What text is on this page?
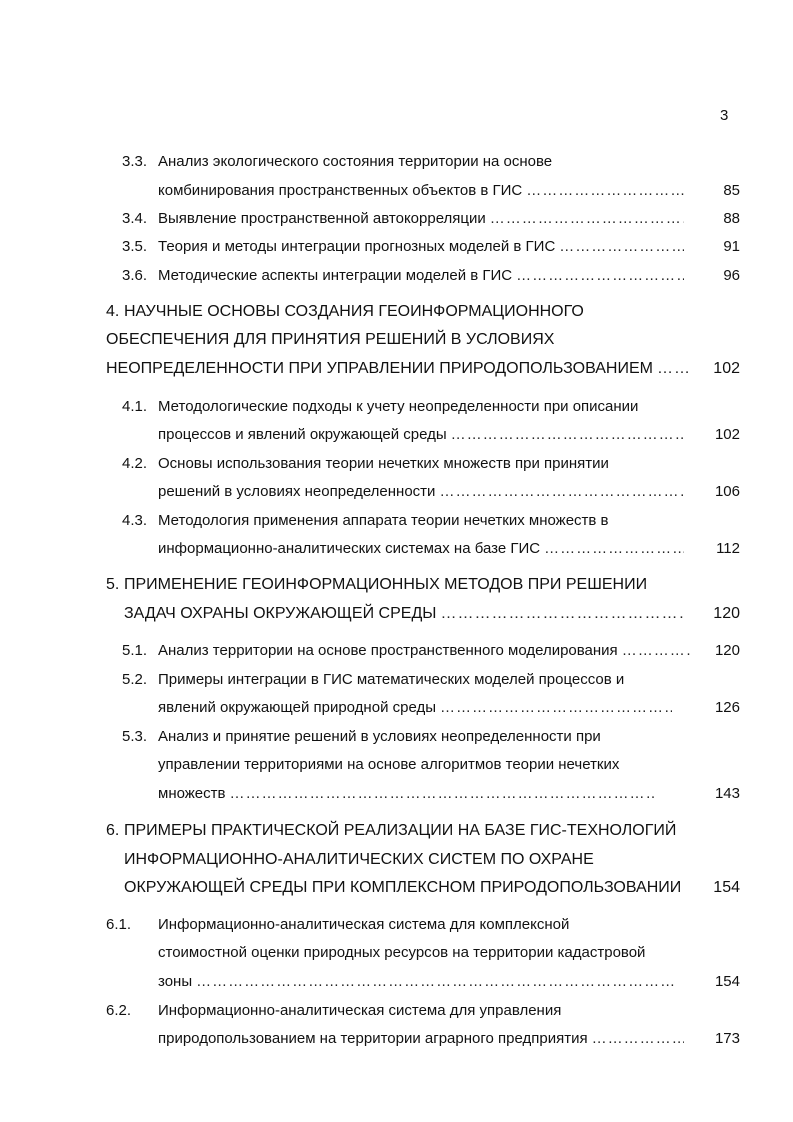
3
3.3. Анализ экологического состояния территории на основе
комбинирования пространственных объектов в ГИС …………………………………………………………………………………………………………………………………	85
3.4. Выявление пространственной автокорреляции …………………………………………………………………………………………………………………………………	88
3.5. Теория и методы интеграции прогнозных моделей в ГИС …………………………………………………………………………………………………………………………………	91
3.6. Методические аспекты интеграции моделей в ГИС …………………………………………………………………………………………………………………………………	96
4. НАУЧНЫЕ ОСНОВЫ СОЗДАНИЯ ГЕОИНФОРМАЦИОННОГО
ОБЕСПЕЧЕНИЯ ДЛЯ ПРИНЯТИЯ РЕШЕНИЙ В УСЛОВИЯХ
НЕОПРЕДЕЛЕННОСТИ ПРИ УПРАВЛЕНИИ ПРИРОДОПОЛЬЗОВАНИЕМ …………………………………………………………………………………………………………………………………	102
4.1. Методологические подходы к учету неопределенности при описании
процессов и явлений окружающей среды …………………………………………………………………………………………………………………………………	102
4.2. Основы использования теории нечетких множеств при принятии
решений в условиях неопределенности …………………………………………………………………………………………………………………………………	106
4.3. Методология применения аппарата теории нечетких множеств в
информационно-аналитических системах на базе ГИС …………………………………………………………………………………………………………………………………	112
5. ПРИМЕНЕНИЕ ГЕОИНФОРМАЦИОННЫХ МЕТОДОВ ПРИ РЕШЕНИИ
ЗАДАЧ ОХРАНЫ ОКРУЖАЮЩЕЙ СРЕДЫ …………………………………………………………………………………………………………………………………	120
5.1. Анализ территории на основе пространственного моделирования …………………………………………………………………………………………………………………………………	120
5.2. Примеры интеграции в ГИС математических моделей процессов и
явлений окружающей природной среды …………………………………………………………………………………………………………………………………	126
5.3. Анализ и принятие решений в условиях неопределенности при
управлении территориями на основе алгоритмов теории нечетких
множеств …………………………………………………………………………………………………………………………………	143
6. ПРИМЕРЫ ПРАКТИЧЕСКОЙ РЕАЛИЗАЦИИ НА БАЗЕ ГИС-ТЕХНОЛОГИЙ
ИНФОРМАЦИОННО-АНАЛИТИЧЕСКИХ СИСТЕМ ПО ОХРАНЕ
ОКРУЖАЮЩЕЙ СРЕДЫ ПРИ КОМПЛЕКСНОМ ПРИРОДОПОЛЬЗОВАНИИ 154
6.1. Информационно-аналитическая система для комплексной
стоимостной оценки природных ресурсов на территории кадастровой
зоны …………………………………………………………………………………………………………………………………	154
6.2. Информационно-аналитическая система для управления
природопользованием на территории аграрного предприятия …………………………………………………………………………………………………………………………………	173
